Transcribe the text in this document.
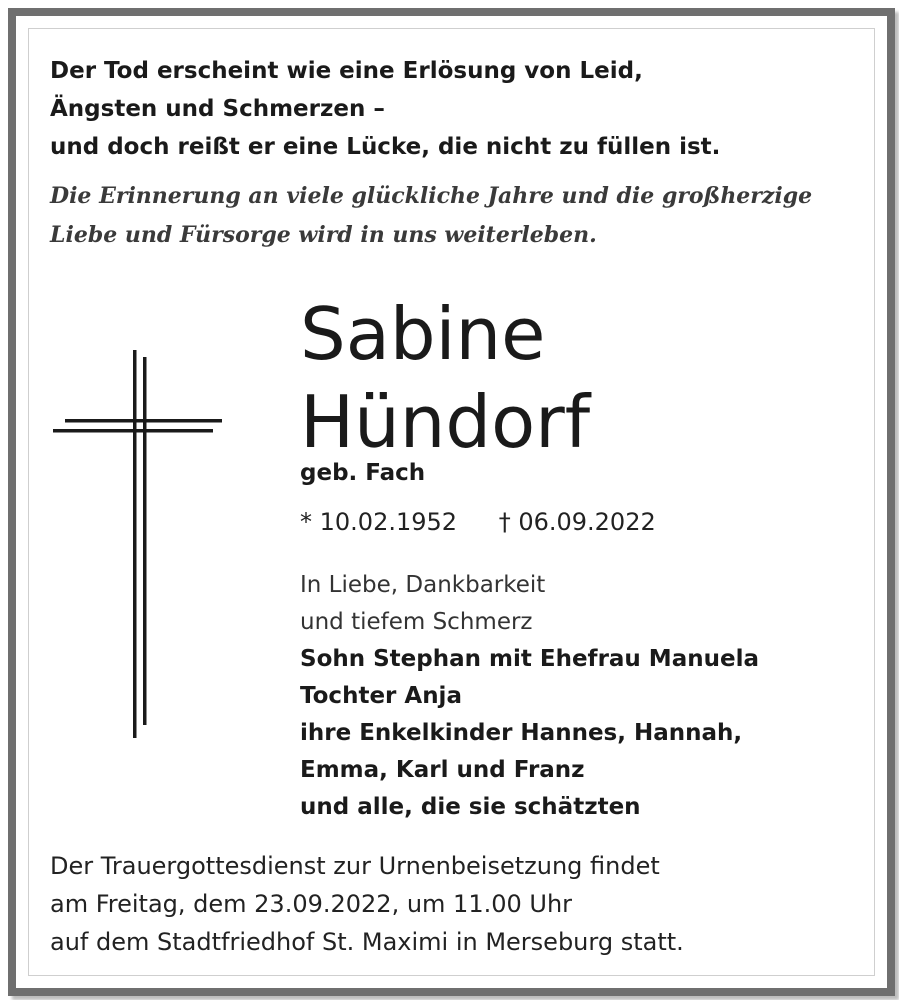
Der Tod erscheint wie eine Erlösung von Leid,
Ängsten und Schmerzen –
und doch reißt er eine Lücke, die nicht zu füllen ist.

Die Erinnerung an viele glückliche Jahre und die großherzige
Liebe und Fürsorge wird in uns weiterleben.

Sabine
Hündorf
geb. Fach
* 10.02.1952 † 06.09.2022

In Liebe, Dankbarkeit
und tiefem Schmerz
Sohn Stephan mit Ehefrau Manuela
Tochter Anja
ihre Enkelkinder Hannes, Hannah,
Emma, Karl und Franz
und alle, die sie schätzten

Der Trauergottesdienst zur Urnenbeisetzung findet
am Freitag, dem 23.09.2022, um 11.00 Uhr
auf dem Stadtfriedhof St. Maximi in Merseburg statt.
